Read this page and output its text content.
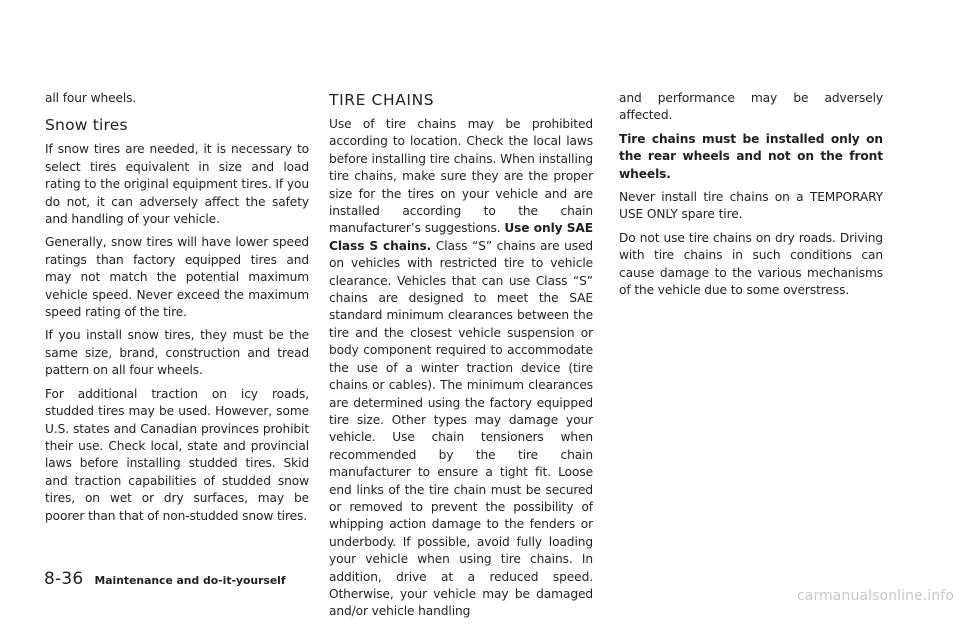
all four wheels.

Snow tires

If snow tires are needed, it is necessary to select tires equivalent in size and load rating to the original equipment tires. If you do not, it can adversely affect the safety and handling of your vehicle.

Generally, snow tires will have lower speed ratings than factory equipped tires and may not match the potential maximum vehicle speed. Never exceed the maximum speed rating of the tire.

If you install snow tires, they must be the same size, brand, construction and tread pattern on all four wheels.

For additional traction on icy roads, studded tires may be used. However, some U.S. states and Canadian provinces prohibit their use. Check local, state and provincial laws before installing studded tires. Skid and traction capabilities of studded snow tires, on wet or dry surfaces, may be poorer than that of non-studded snow tires.

TIRE CHAINS

Use of tire chains may be prohibited according to location. Check the local laws before installing tire chains. When installing tire chains, make sure they are the proper size for the tires on your vehicle and are installed according to the chain manufacturer’s suggestions. Use only SAE Class S chains. Class “S” chains are used on vehicles with restricted tire to vehicle clearance. Vehicles that can use Class “S” chains are designed to meet the SAE standard minimum clearances between the tire and the closest vehicle suspension or body component required to accommodate the use of a winter traction device (tire chains or cables). The minimum clearances are determined using the factory equipped tire size. Other types may damage your vehicle. Use chain tensioners when recommended by the tire chain manufacturer to ensure a tight fit. Loose end links of the tire chain must be secured or removed to prevent the possibility of whipping action damage to the fenders or underbody. If possible, avoid fully loading your vehicle when using tire chains. In addition, drive at a reduced speed. Otherwise, your vehicle may be damaged and/or vehicle handling

and performance may be adversely affected.

Tire chains must be installed only on the rear wheels and not on the front wheels.

Never install tire chains on a TEMPORARY USE ONLY spare tire.

Do not use tire chains on dry roads. Driving with tire chains in such conditions can cause damage to the various mechanisms of the vehicle due to some overstress.

8-36 Maintenance and do-it-yourself
carmanualsonline.info
